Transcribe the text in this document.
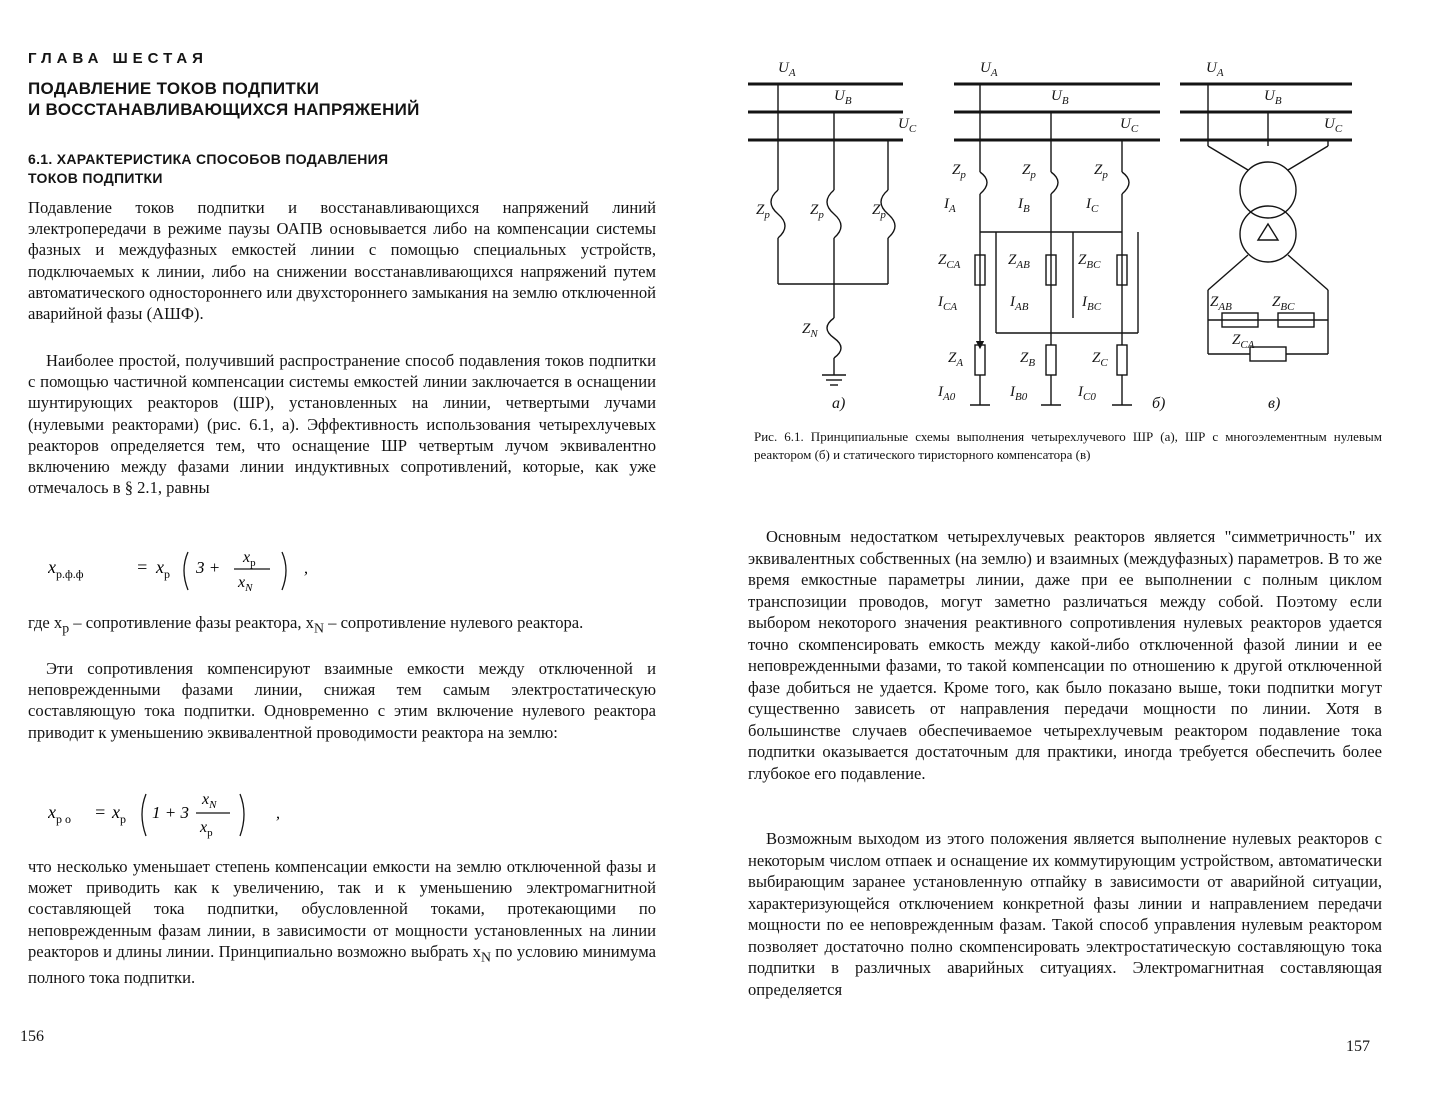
ГЛАВА ШЕСТАЯ
ПОДАВЛЕНИЕ ТОКОВ ПОДПИТКИ
И ВОССТАНАВЛИВАЮЩИХСЯ НАПРЯЖЕНИЙ
6.1. ХАРАКТЕРИСТИКА СПОСОБОВ ПОДАВЛЕНИЯ
ТОКОВ ПОДПИТКИ

Подавление токов подпитки и восстанавливающихся напряжений линий электропередачи в режиме паузы ОАПВ основывается либо на компенсации системы фазных и междуфазных емкостей линии с помощью специальных устройств, подключаемых к линии, либо на снижении восстанавливающихся напряжений путем автоматического одностороннего или двухстороннего замыкания на землю отключенной аварийной фазы (АШФ).

Наиболее простой, получивший распространение способ подавления токов подпитки с помощью частичной компенсации системы емкостей линии заключается в оснащении шунтирующих реакторов (ШР), установленных на линии, четвертыми лучами (нулевыми реакторами) (рис. 6.1, а). Эффективность использования четырехлучевых реакторов определяется тем, что оснащение ШР четвертым лучом эквивалентно включению между фазами линии индуктивных сопротивлений, которые, как уже отмечалось в § 2.1, равны

$x_{р.ф.ф}$	= $x_р$ 3 +
$x_р$
$x_N$
,

где $x_р$ – сопротивление фазы реактора, $x_N$ – сопротивление нулевого реактора.

Эти сопротивления компенсируют взаимные емкости между отключенной и неповрежденными фазами линии, снижая тем самым электростатическую составляющую тока подпитки. Одновременно с этим включение нулевого реактора приводит к уменьшению эквивалентной проводимости реактора на землю:

$x_{р о} = x_р$ 1 + 3
$x_N$
$x_р$
,

что несколько уменьшает степень компенсации емкости на землю отключенной фазы и может приводить как к увеличению, так и к уменьшению электромагнитной составляющей тока подпитки, обусловленной токами, протекающими по неповрежденным фазам линии, в зависимости от мощности установленных на линии реакторов и длины линии. Принципиально возможно выбрать $x_N$ по условию минимума полного тока подпитки.

156
$U_A$
$U_B$
$U_C$
$Z_р$	$Z_р$	$Z_р$
$Z_N$
а)
$U_A$
$U_B$
$U_C$
$Z_р$	$Z_р$	$Z_р$
$I_A$	$I_B$	$I_C$
$Z_{CA}$	$Z_{AB}$	$Z_{BC}$
$I_{CA}$	$I_{AB}$	$I_{BC}$
$Z_A$	$Z_B$	$Z_C$
$I_{A0}$	$I_{B0}$	$I_{C0}$	б)
$U_A$
$U_B$
$U_C$
$Z_{AB}$	$Z_{BC}$
$Z_{CA}$
в)
Рис. 6.1. Принципиальные схемы выполнения четырехлучевого ШР (а), ШР с многоэлементным нулевым реактором (б) и статического тиристорного компенсатора (в)

Основным недостатком четырехлучевых реакторов является "симметричность" их эквивалентных собственных (на землю) и взаимных (междуфазных) параметров. В то же время емкостные параметры линии, даже при ее выполнении с полным циклом транспозиции проводов, могут заметно различаться между собой. Поэтому если выбором некоторого значения реактивного сопротивления нулевых реакторов удается точно скомпенсировать емкость между какой-либо отключенной фазой линии и ее неповрежденными фазами, то такой компенсации по отношению к другой отключенной фазе добиться не удается. Кроме того, как было показано выше, токи подпитки могут существенно зависеть от направления передачи мощности по линии. Хотя в большинстве случаев обеспечиваемое четырехлучевым реактором подавление тока подпитки оказывается достаточным для практики, иногда требуется обеспечить более глубокое его подавление.

Возможным выходом из этого положения является выполнение нулевых реакторов с некоторым числом отпаек и оснащение их коммутирующим устройством, автоматически выбирающим заранее установленную отпайку в зависимости от аварийной ситуации, характеризующейся отключением конкретной фазы линии и направлением передачи мощности по ее неповрежденным фазам. Такой способ управления нулевым реактором позволяет достаточно полно скомпенсировать электростатическую составляющую тока подпитки в различных аварийных ситуациях. Электромагнитная составляющая определяется

157
